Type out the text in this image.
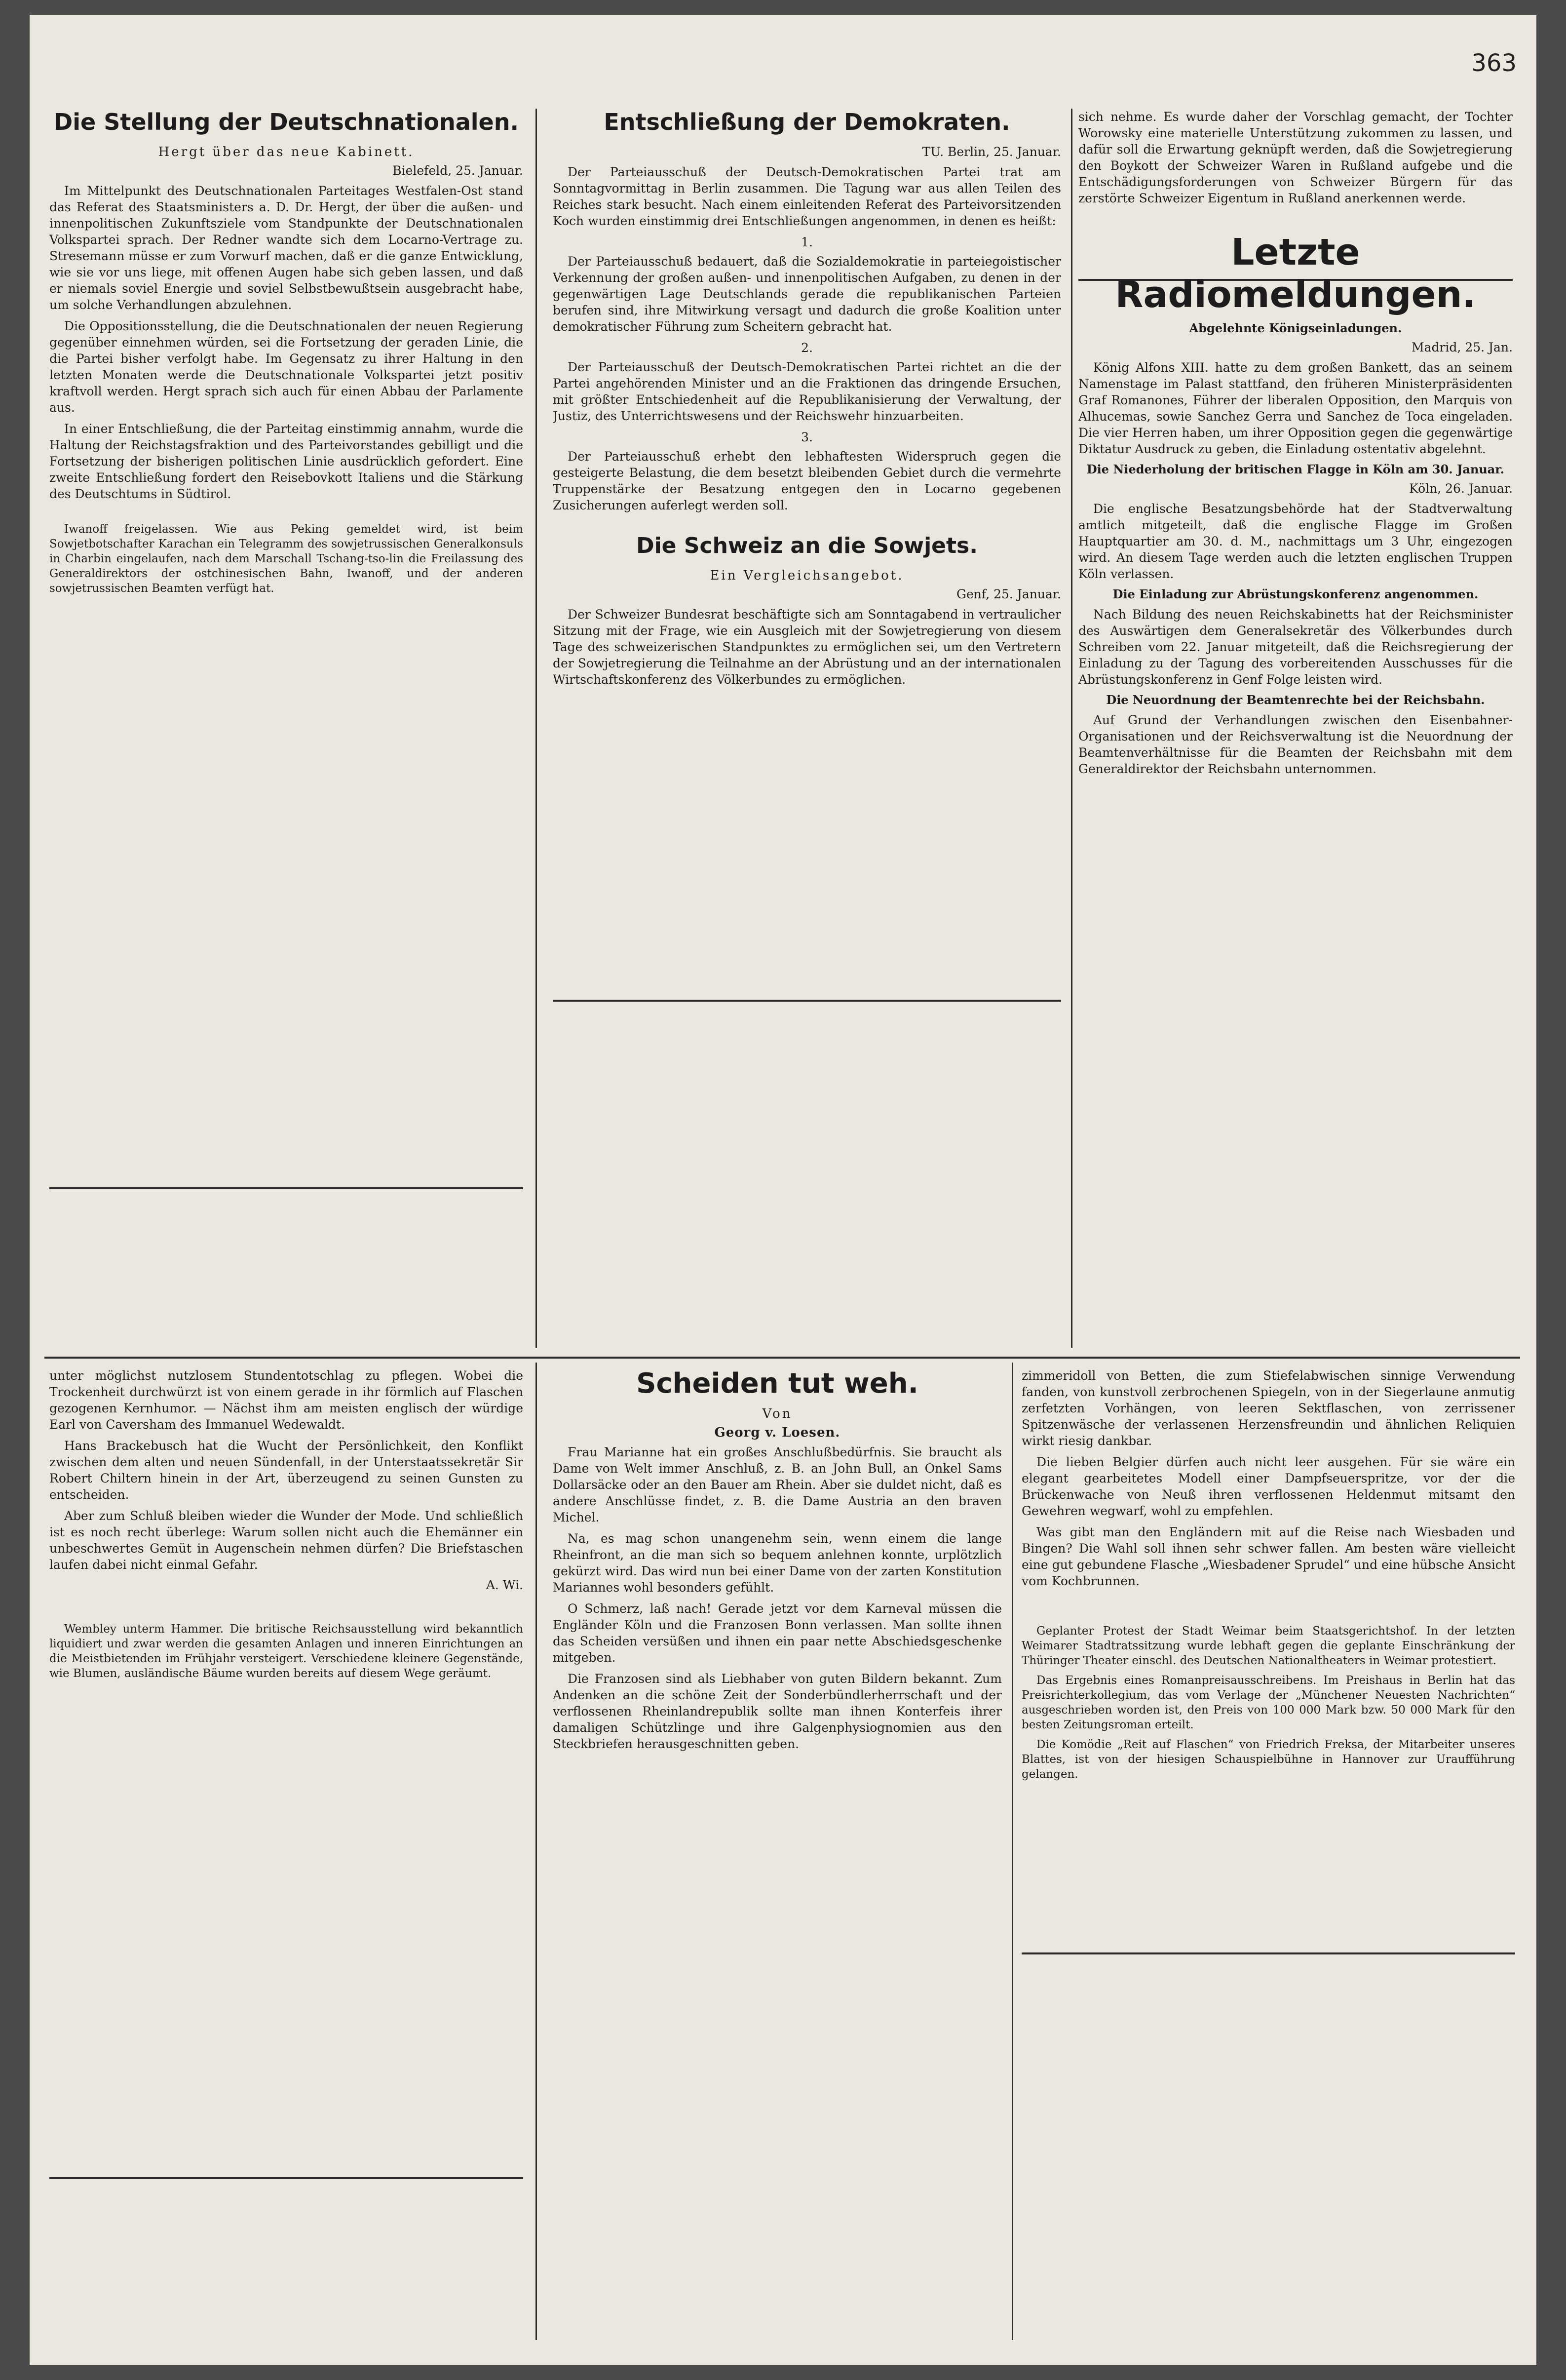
363
Die Stellung der Deutschnationalen.
Hergt über das neue Kabinett.
Bielefeld, 25. Januar.

Im Mittelpunkt des Deutschnationalen Parteitages Westfalen-Ost stand das Referat des Staatsministers a. D. Dr. Hergt, der über die außen- und innenpolitischen Zukunftsziele vom Standpunkte der Deutschnationalen Volkspartei sprach. Der Redner wandte sich dem Locarno-Vertrage zu. Stresemann müsse er zum Vorwurf machen, daß er die ganze Entwicklung, wie sie vor uns liege, mit offenen Augen habe sich geben lassen, und daß er niemals soviel Energie und soviel Selbstbewußtsein ausgebracht habe, um solche Verhandlungen abzulehnen.

Die Oppositionsstellung, die die Deutschnationalen der neuen Regierung gegenüber einnehmen würden, sei die Fortsetzung der geraden Linie, die die Partei bisher verfolgt habe. Im Gegensatz zu ihrer Haltung in den letzten Monaten werde die Deutschnationale Volkspartei jetzt positiv kraftvoll werden. Hergt sprach sich auch für einen Abbau der Parlamente aus.

In einer Entschließung, die der Parteitag einstimmig annahm, wurde die Haltung der Reichstagsfraktion und des Parteivorstandes gebilligt und die Fortsetzung der bisherigen politischen Linie ausdrücklich gefordert. Eine zweite Entschließung fordert den Reisebovkott Italiens und die Stärkung des Deutschtums in Südtirol.

Iwanoff freigelassen. Wie aus Peking gemeldet wird, ist beim Sowjetbotschafter Karachan ein Telegramm des sowjetrussischen Generalkonsuls in Charbin eingelaufen, nach dem Marschall Tschang-tso-lin die Freilassung des Generaldirektors der ostchinesischen Bahn, Iwanoff, und der anderen sowjetrussischen Beamten verfügt hat.

Entschließung der Demokraten.
TU. Berlin, 25. Januar.

Der Parteiausschuß der Deutsch-Demokratischen Partei trat am Sonntagvormittag in Berlin zusammen. Die Tagung war aus allen Teilen des Reiches stark besucht. Nach einem einleitenden Referat des Parteivorsitzenden Koch wurden einstimmig drei Entschließungen angenommen, in denen es heißt:

1.

Der Parteiausschuß bedauert, daß die Sozialdemokratie in parteiegoistischer Verkennung der großen außen- und innenpolitischen Aufgaben, zu denen in der gegenwärtigen Lage Deutschlands gerade die republikanischen Parteien berufen sind, ihre Mitwirkung versagt und dadurch die große Koalition unter demokratischer Führung zum Scheitern gebracht hat.

2.

Der Parteiausschuß der Deutsch-Demokratischen Partei richtet an die der Partei angehörenden Minister und an die Fraktionen das dringende Ersuchen, mit größter Entschiedenheit auf die Republikanisierung der Verwaltung, der Justiz, des Unterrichtswesens und der Reichswehr hinzuarbeiten.

3.

Der Parteiausschuß erhebt den lebhaftesten Widerspruch gegen die gesteigerte Belastung, die dem besetzt bleibenden Gebiet durch die vermehrte Truppenstärke der Besatzung entgegen den in Locarno gegebenen Zusicherungen auferlegt werden soll.

Die Schweiz an die Sowjets.
Ein Vergleichsangebot.
Genf, 25. Januar.

Der Schweizer Bundesrat beschäftigte sich am Sonntagabend in vertraulicher Sitzung mit der Frage, wie ein Ausgleich mit der Sowjetregierung von diesem Tage des schweizerischen Standpunktes zu ermöglichen sei, um den Vertretern der Sowjetregierung die Teilnahme an der Abrüstung und an der internationalen Wirtschaftskonferenz des Völkerbundes zu ermöglichen.

sich nehme. Es wurde daher der Vorschlag gemacht, der Tochter Worowsky eine materielle Unterstützung zukommen zu lassen, und dafür soll die Erwartung geknüpft werden, daß die Sowjetregierung den Boykott der Schweizer Waren in Rußland aufgebe und die Entschädigungsforderungen von Schweizer Bürgern für das zerstörte Schweizer Eigentum in Rußland anerkennen werde.

Letzte Radiomeldungen.
Abgelehnte Königseinladungen.
Madrid, 25. Jan.

König Alfons XIII. hatte zu dem großen Bankett, das an seinem Namenstage im Palast stattfand, den früheren Ministerpräsidenten Graf Romanones, Führer der liberalen Opposition, den Marquis von Alhucemas, sowie Sanchez Gerra und Sanchez de Toca eingeladen. Die vier Herren haben, um ihrer Opposition gegen die gegenwärtige Diktatur Ausdruck zu geben, die Einladung ostentativ abgelehnt.

Die Niederholung der britischen Flagge in Köln am 30. Januar.
Köln, 26. Januar.

Die englische Besatzungsbehörde hat der Stadtverwaltung amtlich mitgeteilt, daß die englische Flagge im Großen Hauptquartier am 30. d. M., nachmittags um 3 Uhr, eingezogen wird. An diesem Tage werden auch die letzten englischen Truppen Köln verlassen.

Die Einladung zur Abrüstungskonferenz angenommen.

Nach Bildung des neuen Reichskabinetts hat der Reichsminister des Auswärtigen dem Generalsekretär des Völkerbundes durch Schreiben vom 22. Januar mitgeteilt, daß die Reichsregierung der Einladung zu der Tagung des vorbereitenden Ausschusses für die Abrüstungskonferenz in Genf Folge leisten wird.

Die Neuordnung der Beamtenrechte bei der Reichsbahn.

Auf Grund der Verhandlungen zwischen den Eisenbahner-Organisationen und der Reichsverwaltung ist die Neuordnung der Beamtenverhältnisse für die Beamten der Reichsbahn mit dem Generaldirektor der Reichsbahn unternommen.

unter möglichst nutzlosem Stundentotschlag zu pflegen. Wobei die Trockenheit durchwürzt ist von einem gerade in ihr förmlich auf Flaschen gezogenen Kernhumor. — Nächst ihm am meisten englisch der würdige Earl von Caversham des Immanuel Wedewaldt.

Hans Brackebusch hat die Wucht der Persönlichkeit, den Konflikt zwischen dem alten und neuen Sündenfall, in der Unterstaatssekretär Sir Robert Chiltern hinein in der Art, überzeugend zu seinen Gunsten zu entscheiden.

Aber zum Schluß bleiben wieder die Wunder der Mode. Und schließlich ist es noch recht überlege: Warum sollen nicht auch die Ehemänner ein unbeschwertes Gemüt in Augenschein nehmen dürfen? Die Briefstaschen laufen dabei nicht einmal Gefahr.

A. Wi.

Wembley unterm Hammer. Die britische Reichsausstellung wird bekanntlich liquidiert und zwar werden die gesamten Anlagen und inneren Einrichtungen an die Meistbietenden im Frühjahr versteigert. Verschiedene kleinere Gegenstände, wie Blumen, ausländische Bäume wurden bereits auf diesem Wege geräumt.

Scheiden tut weh.
Von
Georg v. Loesen.

Frau Marianne hat ein großes Anschlußbedürfnis. Sie braucht als Dame von Welt immer Anschluß, z. B. an John Bull, an Onkel Sams Dollarsäcke oder an den Bauer am Rhein. Aber sie duldet nicht, daß es andere Anschlüsse findet, z. B. die Dame Austria an den braven Michel.

Na, es mag schon unangenehm sein, wenn einem die lange Rheinfront, an die man sich so bequem anlehnen konnte, urplötzlich gekürzt wird. Das wird nun bei einer Dame von der zarten Konstitution Mariannes wohl besonders gefühlt.

O Schmerz, laß nach! Gerade jetzt vor dem Karneval müssen die Engländer Köln und die Franzosen Bonn verlassen. Man sollte ihnen das Scheiden versüßen und ihnen ein paar nette Abschiedsgeschenke mitgeben.

Die Franzosen sind als Liebhaber von guten Bildern bekannt. Zum Andenken an die schöne Zeit der Sonderbündlerherrschaft und der verflossenen Rheinlandrepublik sollte man ihnen Konterfeis ihrer damaligen Schützlinge und ihre Galgenphysiognomien aus den Steckbriefen herausgeschnitten geben.

zimmeridoll von Betten, die zum Stiefelabwischen sinnige Verwendung fanden, von kunstvoll zerbrochenen Spiegeln, von in der Siegerlaune anmutig zerfetzten Vorhängen, von leeren Sektflaschen, von zerrissener Spitzenwäsche der verlassenen Herzensfreundin und ähnlichen Reliquien wirkt riesig dankbar.

Die lieben Belgier dürfen auch nicht leer ausgehen. Für sie wäre ein elegant gearbeitetes Modell einer Dampfseuerspritze, vor der die Brückenwache von Neuß ihren verflossenen Heldenmut mitsamt den Gewehren wegwarf, wohl zu empfehlen.

Was gibt man den Engländern mit auf die Reise nach Wiesbaden und Bingen? Die Wahl soll ihnen sehr schwer fallen. Am besten wäre vielleicht eine gut gebundene Flasche „Wiesbadener Sprudel“ und eine hübsche Ansicht vom Kochbrunnen.

Geplanter Protest der Stadt Weimar beim Staatsgerichtshof. In der letzten Weimarer Stadtratssitzung wurde lebhaft gegen die geplante Einschränkung der Thüringer Theater einschl. des Deutschen Nationaltheaters in Weimar protestiert.

Das Ergebnis eines Romanpreisausschreibens. Im Preishaus in Berlin hat das Preisrichterkollegium, das vom Verlage der „Münchener Neuesten Nachrichten“ ausgeschrieben worden ist, den Preis von 100 000 Mark bzw. 50 000 Mark für den besten Zeitungsroman erteilt.

Die Komödie „Reit auf Flaschen“ von Friedrich Freksa, der Mitarbeiter unseres Blattes, ist von der hiesigen Schauspielbühne in Hannover zur Uraufführung gelangen.
